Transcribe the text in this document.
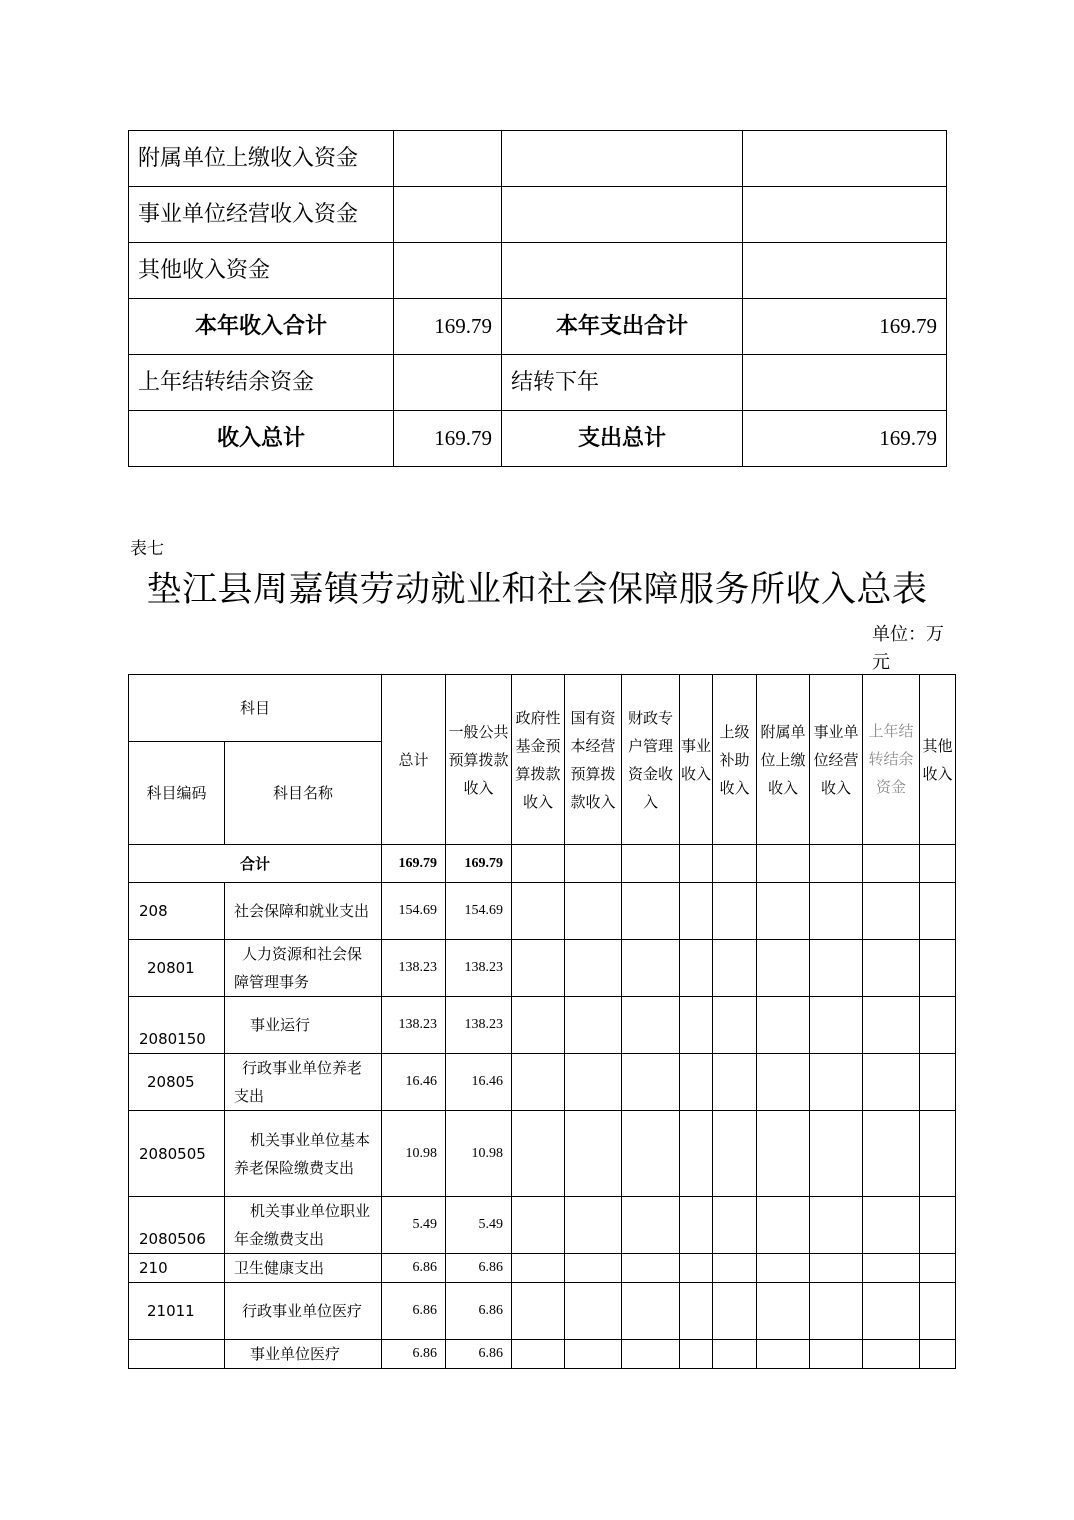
附属单位上缴收入资金			
事业单位经营收入资金			
其他收入资金			
本年收入合计	169.79	本年支出合计	169.79
上年结转结余资金		结转下年	
收入总计	169.79	支出总计	169.79
表七
垫江县周嘉镇劳动就业和社会保障服务所收入总表
单位：万元
科目		总计	一般公共预算拨款收入	政府性基金预算拨款收入	国有资本经营预算拨款收入	财政专户管理资金收入	事业收入	上级补助收入	附属单位上缴收入	事业单位经营收入	上年结转结余资金	其他收入
科目编码	科目名称											
合计		169.79	169.79									
208	社会保障和就业支出	154.69	154.69									
20801	人力资源和社会保障管理事务	138.23	138.23									
2080150	事业运行	138.23	138.23									
20805	行政事业单位养老支出	16.46	16.46									
2080505	机关事业单位基本养老保险缴费支出	10.98	10.98									
2080506	机关事业单位职业年金缴费支出	5.49	5.49									
210	卫生健康支出	6.86	6.86									
21011	行政事业单位医疗	6.86	6.86									
	事业单位医疗	6.86	6.86									
